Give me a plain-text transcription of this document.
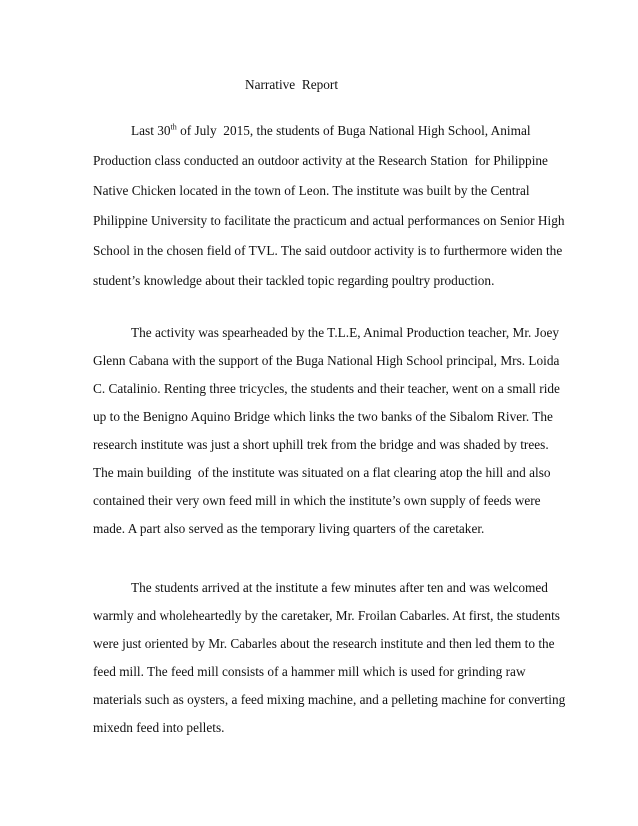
Narrative  Report
Last 30th of July  2015, the students of Buga National High School, Animal
Production class conducted an outdoor activity at the Research Station  for Philippine
Native Chicken located in the town of Leon. The institute was built by the Central
Philippine University to facilitate the practicum and actual performances on Senior High
School in the chosen field of TVL. The said outdoor activity is to furthermore widen the
student’s knowledge about their tackled topic regarding poultry production.
The activity was spearheaded by the T.L.E, Animal Production teacher, Mr. Joey
Glenn Cabana with the support of the Buga National High School principal, Mrs. Loida
C. Catalinio. Renting three tricycles, the students and their teacher, went on a small ride
up to the Benigno Aquino Bridge which links the two banks of the Sibalom River. The
research institute was just a short uphill trek from the bridge and was shaded by trees.
The main building  of the institute was situated on a flat clearing atop the hill and also
contained their very own feed mill in which the institute’s own supply of feeds were
made. A part also served as the temporary living quarters of the caretaker.
The students arrived at the institute a few minutes after ten and was welcomed
warmly and wholeheartedly by the caretaker, Mr. Froilan Cabarles. At first, the students
were just oriented by Mr. Cabarles about the research institute and then led them to the
feed mill. The feed mill consists of a hammer mill which is used for grinding raw
materials such as oysters, a feed mixing machine, and a pelleting machine for converting
mixedn feed into pellets.
